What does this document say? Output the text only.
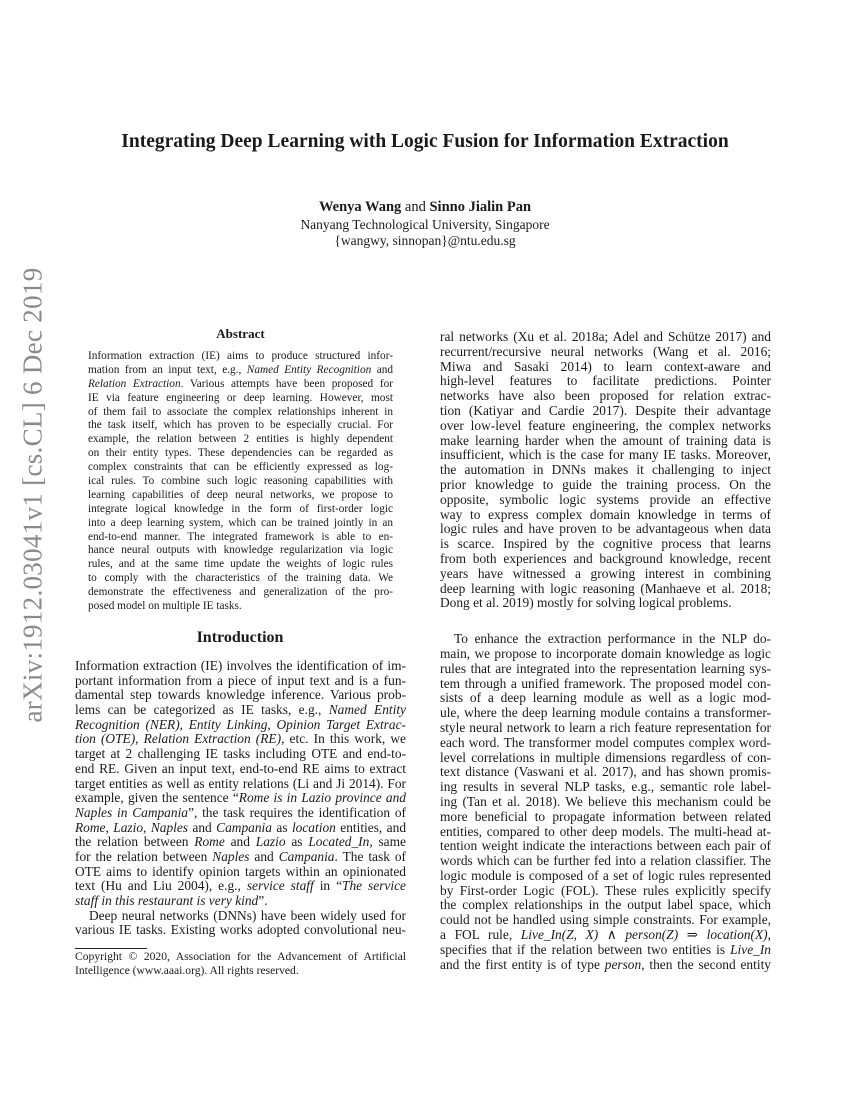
arXiv:1912.03041v1 [cs.CL] 6 Dec 2019
Integrating Deep Learning with Logic Fusion for Information Extraction
Wenya Wang and Sinno Jialin Pan
Nanyang Technological University, Singapore
{wangwy, sinnopan}@ntu.edu.sg
Abstract
Information extraction (IE) aims to produce structured infor-
mation from an input text, e.g., Named Entity Recognition and
Relation Extraction. Various attempts have been proposed for
IE via feature engineering or deep learning. However, most
of them fail to associate the complex relationships inherent in
the task itself, which has proven to be especially crucial. For
example, the relation between 2 entities is highly dependent
on their entity types. These dependencies can be regarded as
complex constraints that can be efficiently expressed as log-
ical rules. To combine such logic reasoning capabilities with
learning capabilities of deep neural networks, we propose to
integrate logical knowledge in the form of first-order logic
into a deep learning system, which can be trained jointly in an
end-to-end manner. The integrated framework is able to en-
hance neural outputs with knowledge regularization via logic
rules, and at the same time update the weights of logic rules
to comply with the characteristics of the training data. We
demonstrate the effectiveness and generalization of the pro-
posed model on multiple IE tasks.
Introduction
Information extraction (IE) involves the identification of im-
portant information from a piece of input text and is a fun-
damental step towards knowledge inference. Various prob-
lems can be categorized as IE tasks, e.g., Named Entity
Recognition (NER), Entity Linking, Opinion Target Extrac-
tion (OTE), Relation Extraction (RE), etc. In this work, we
target at 2 challenging IE tasks including OTE and end-to-
end RE. Given an input text, end-to-end RE aims to extract
target entities as well as entity relations (Li and Ji 2014). For
example, given the sentence “Rome is in Lazio province and
Naples in Campania”, the task requires the identification of
Rome, Lazio, Naples and Campania as location entities, and
the relation between Rome and Lazio as Located_In, same
for the relation between Naples and Campania. The task of
OTE aims to identify opinion targets within an opinionated
text (Hu and Liu 2004), e.g., service staff in “The service
staff in this restaurant is very kind”.
Deep neural networks (DNNs) have been widely used for
various IE tasks. Existing works adopted convolutional neu-
ral networks (Xu et al. 2018a; Adel and Schütze 2017) and
recurrent/recursive neural networks (Wang et al. 2016;
Miwa and Sasaki 2014) to learn context-aware and
high-level features to facilitate predictions. Pointer
networks have also been proposed for relation extrac-
tion (Katiyar and Cardie 2017). Despite their advantage
over low-level feature engineering, the complex networks
make learning harder when the amount of training data is
insufficient, which is the case for many IE tasks. Moreover,
the automation in DNNs makes it challenging to inject
prior knowledge to guide the training process. On the
opposite, symbolic logic systems provide an effective
way to express complex domain knowledge in terms of
logic rules and have proven to be advantageous when data
is scarce. Inspired by the cognitive process that learns
from both experiences and background knowledge, recent
years have witnessed a growing interest in combining
deep learning with logic reasoning (Manhaeve et al. 2018;
Dong et al. 2019) mostly for solving logical problems.
To enhance the extraction performance in the NLP do-
main, we propose to incorporate domain knowledge as logic
rules that are integrated into the representation learning sys-
tem through a unified framework. The proposed model con-
sists of a deep learning module as well as a logic mod-
ule, where the deep learning module contains a transformer-
style neural network to learn a rich feature representation for
each word. The transformer model computes complex word-
level correlations in multiple dimensions regardless of con-
text distance (Vaswani et al. 2017), and has shown promis-
ing results in several NLP tasks, e.g., semantic role label-
ing (Tan et al. 2018). We believe this mechanism could be
more beneficial to propagate information between related
entities, compared to other deep models. The multi-head at-
tention weight indicate the interactions between each pair of
words which can be further fed into a relation classifier. The
logic module is composed of a set of logic rules represented
by First-order Logic (FOL). These rules explicitly specify
the complex relationships in the output label space, which
could not be handled using simple constraints. For example,
a FOL rule, Live_In(Z, X) ∧ person(Z) ⇒ location(X),
specifies that if the relation between two entities is Live_In
and the first entity is of type person, then the second entity
Copyright © 2020, Association for the Advancement of Artificial
Intelligence (www.aaai.org). All rights reserved.
